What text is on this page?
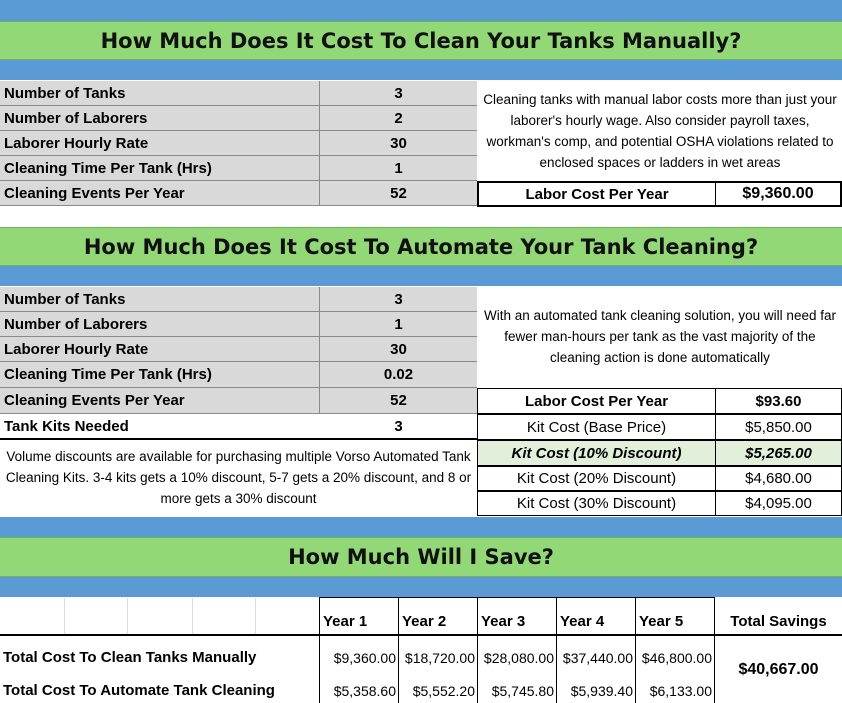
How Much Does It Cost To Clean Your Tanks Manually?
Number of Tanks	3
Number of Laborers	2
Laborer Hourly Rate	30
Cleaning Time Per Tank (Hrs)	1
Cleaning Events Per Year	52
Cleaning tanks with manual labor costs more than just your laborer's hourly wage. Also consider payroll taxes, workman's comp, and potential OSHA violations related to enclosed spaces or ladders in wet areas
Labor Cost Per Year	$9,360.00
How Much Does It Cost To Automate Your Tank Cleaning?
Number of Tanks	3
Number of Laborers	1
Laborer Hourly Rate	30
Cleaning Time Per Tank (Hrs)	0.02
Cleaning Events Per Year	52
Tank Kits Needed	3
Volume discounts are available for purchasing multiple Vorso Automated Tank Cleaning Kits. 3-4 kits gets a 10% discount, 5-7 gets a 20% discount, and 8 or more gets a 30% discount
With an automated tank cleaning solution, you will need far fewer man-hours per tank as the vast majority of the cleaning action is done automatically
Labor Cost Per Year	$93.60
Kit Cost (Base Price)	$5,850.00
Kit Cost (10% Discount)	$5,265.00
Kit Cost (20% Discount)	$4,680.00
Kit Cost (30% Discount)	$4,095.00
How Much Will I Save?
Year 1	Year 2	Year 3	Year 4	Year 5	Total Savings
Total Cost To Clean Tanks Manually	$9,360.00 $18,720.00 $28,080.00 $37,440.00 $46,800.00
Total Cost To Automate Tank Cleaning	$5,358.60	$5,552.20	$5,745.80	$5,939.40	$6,133.00
$40,667.00
